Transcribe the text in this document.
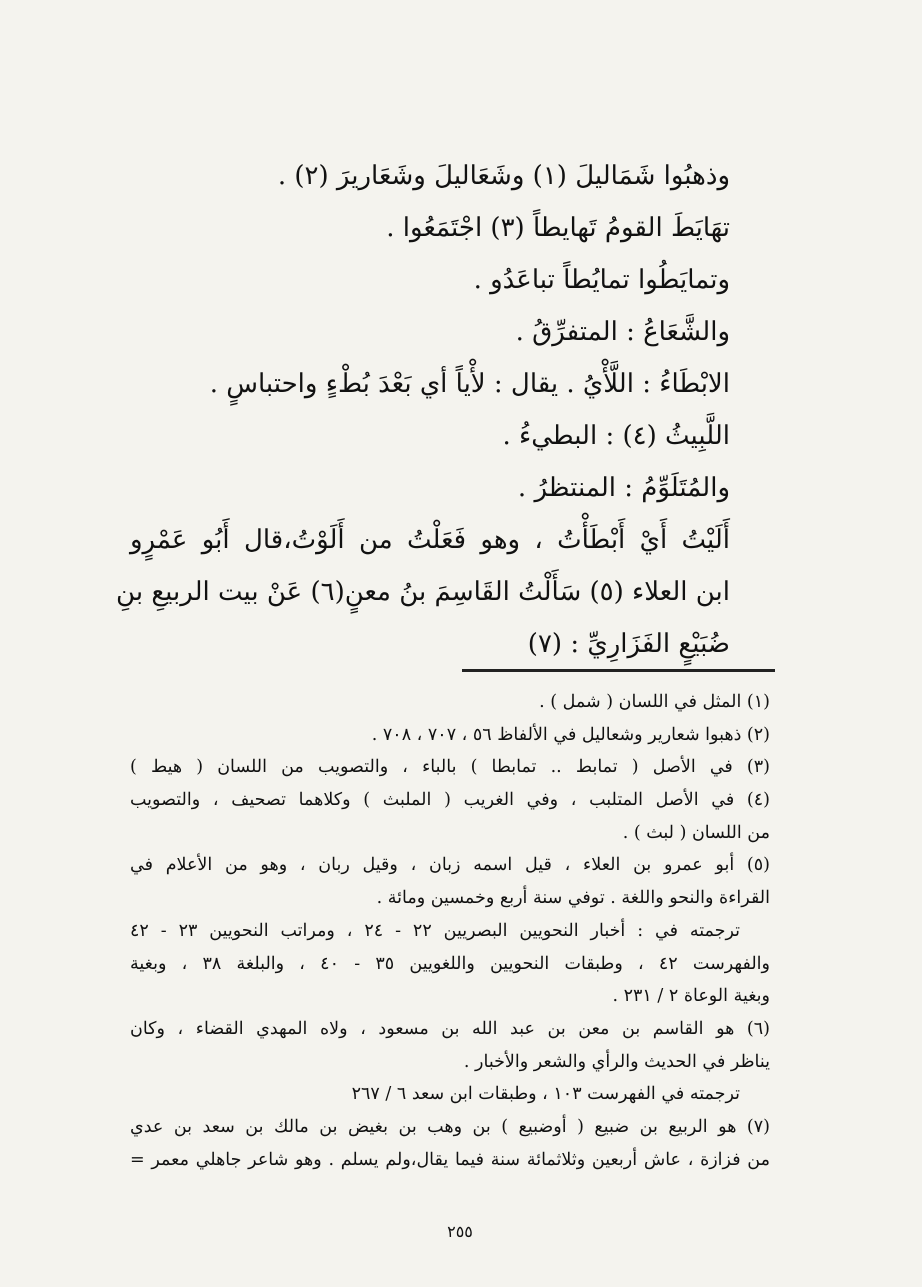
وذهبُوا شَمَاليلَ (١) وشَعَاليلَ وشَعَاريرَ (٢) .

تهَايَطَ القومُ تَهايطاً (٣) اجْتَمَعُوا .

وتمايَطُوا تمايُطاً تباعَدُو .

والشَّعَاعُ : المتفرِّقُ .

الابْطَاءُ : اللَّأْيُ . يقال : لأْياً أي بَعْدَ بُطْءٍ واحتباسٍ .

اللَّبِيثُ (٤) : البطيءُ .

والمُتَلَوِّمُ : المنتظرُ .

أَلَيْتُ أَيْ أَبْطَأْتُ ، وهو فَعَلْتُ من أَلَوْتُ،قال أَبُو عَمْرٍو

ابن العلاء (٥) سَأَلْتُ القَاسِمَ بنُ معنٍ(٦) عَنْ بيت الربيعِ بنِ

ضُبَيْعٍ الفَزَارِيِّ : (٧)

(١) المثل في اللسان ( شمل ) .

(٢) ذهبوا شعارير وشعاليل في الألفاظ ٥٦ ، ٧٠٧ ، ٧٠٨ .

(٣) في الأصل ( تمابط .. تمابطا ) بالباء ، والتصويب من اللسان ( هيط )

(٤) في الأصل المتلبب ، وفي الغريب ( الملبث ) وكلاهما تصحيف ، والتصويب

من اللسان ( لبث ) .

(٥) أبو عمرو بن العلاء ، قيل اسمه زبان ، وقيل ربان ، وهو من الأعلام في

القراءة والنحو واللغة . توفي سنة أربع وخمسين ومائة .

ترجمته في : أخبار النحويين البصريين ٢٢ - ٢٤ ، ومراتب النحويين ٢٣ - ٤٢

والفهرست ٤٢ ، وطبقات النحويين واللغويين ٣٥ - ٤٠ ، والبلغة ٣٨ ، وبغية

وبغية الوعاة ٢ / ٢٣١ .

(٦) هو القاسم بن معن بن عبد الله بن مسعود ، ولاه المهدي القضاء ، وكان

يناظر في الحديث والرأي والشعر والأخبار .

ترجمته في الفهرست ١٠٣ ، وطبقات ابن سعد ٦ / ٢٦٧

(٧) هو الربيع بن ضبيع ( أوضبيع ) بن وهب بن بغيض بن مالك بن سعد بن عدي

من فزازة ، عاش أربعين وثلاثمائة سنة فيما يقال،ولم يسلم . وهو شاعر جاهلي معمر =

٢٥٥
